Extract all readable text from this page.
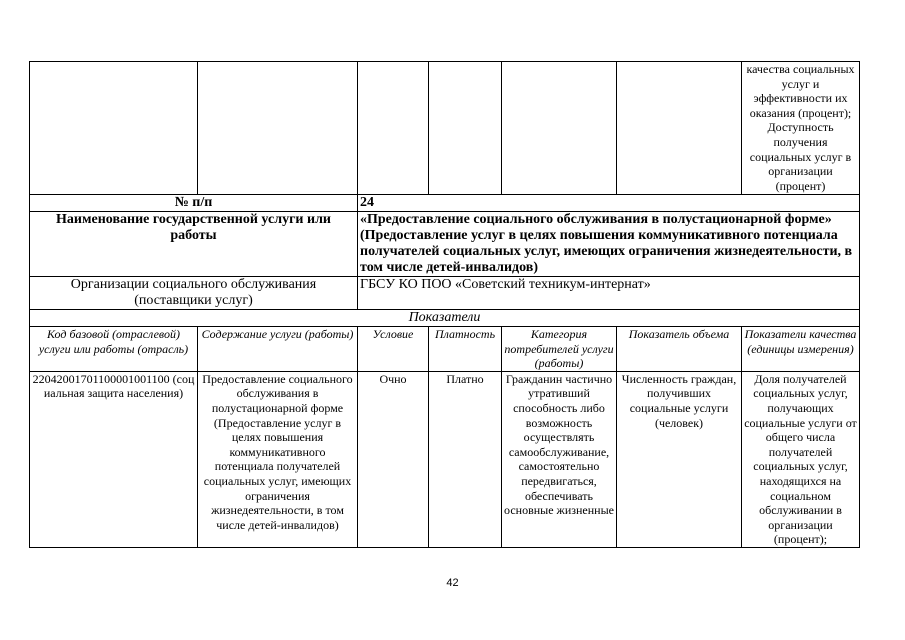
						качества социальных услуг и эффективности их оказания (процент); Доступность получения социальных услуг в организации (процент)
№ п/п		24				
Наименование государственной услуги или работы		«Предоставление социального обслуживания в полустационарной форме» (Предоставление услуг в целях повышения коммуникативного потенциала получателей социальных услуг, имеющих ограничения жизнедеятельности, в том числе детей-инвалидов)				
Организации социального обслуживания (поставщики услуг)		ГБСУ КО ПОО «Советский техникум-интернат»				
Показатели						
Код базовой (отраслевой) услуги или работы (отрасль)	Содержание услуги (работы)	Условие	Платность	Категория потребителей услуги (работы)	Показатель объема	Показатели качества (единицы измерения)
22042001701100001001100 (социальная защита населения)	Предоставление социального обслуживания в полустационарной форме (Предоставление услуг в целях повышения коммуникативного потенциала получателей социальных услуг, имеющих ограничения жизнедеятельности, в том числе детей-инвалидов)	Очно	Платно	Гражданин частично утративший способность либо возможность осуществлять самообслуживание, самостоятельно передвигаться, обеспечивать основные жизненные	Численность граждан, получивших социальные услуги (человек)	Доля получателей социальных услуг, получающих социальные услуги от общего числа получателей социальных услуг, находящихся на социальном обслуживании в организации (процент);
42
